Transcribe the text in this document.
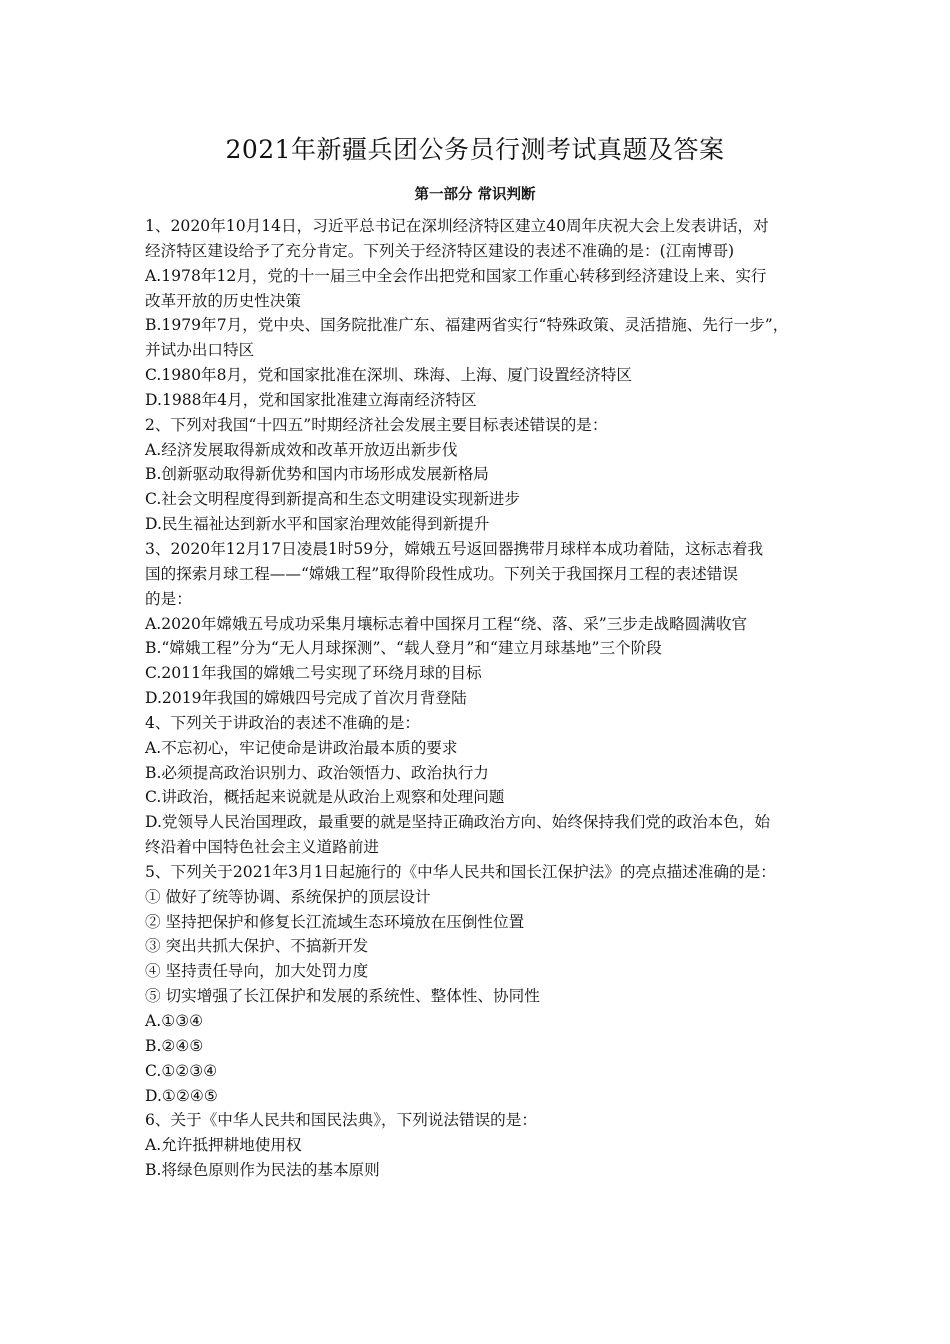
2021年新疆兵团公务员行测考试真题及答案
第一部分 常识判断
1、2020年10月14日，习近平总书记在深圳经济特区建立40周年庆祝大会上发表讲话，对
经济特区建设给予了充分肯定。下列关于经济特区建设的表述不准确的是：(江南博哥)
A.1978年12月，党的十一届三中全会作出把党和国家工作重心转移到经济建设上来、实行
改革开放的历史性决策
B.1979年7月，党中央、国务院批准广东、福建两省实行“特殊政策、灵活措施、先行一步”，
并试办出口特区
C.1980年8月，党和国家批准在深圳、珠海、上海、厦门设置经济特区
D.1988年4月，党和国家批准建立海南经济特区
2、下列对我国“十四五”时期经济社会发展主要目标表述错误的是：
A.经济发展取得新成效和改革开放迈出新步伐
B.创新驱动取得新优势和国内市场形成发展新格局
C.社会文明程度得到新提高和生态文明建设实现新进步
D.民生福祉达到新水平和国家治理效能得到新提升
3、2020年12月17日凌晨1时59分，嫦娥五号返回器携带月球样本成功着陆，这标志着我
国的探索月球工程——“嫦娥工程”取得阶段性成功。下列关于我国探月工程的表述错误
的是：
A.2020年嫦娥五号成功采集月壤标志着中国探月工程“绕、落、采”三步走战略圆满收官
B.“嫦娥工程”分为“无人月球探测”、“载人登月”和“建立月球基地”三个阶段
C.2011年我国的嫦娥二号实现了环绕月球的目标
D.2019年我国的嫦娥四号完成了首次月背登陆
4、下列关于讲政治的表述不准确的是：
A.不忘初心，牢记使命是讲政治最本质的要求
B.必须提高政治识别力、政治领悟力、政治执行力
C.讲政治，概括起来说就是从政治上观察和处理问题
D.党领导人民治国理政，最重要的就是坚持正确政治方向、始终保持我们党的政治本色，始
终沿着中国特色社会主义道路前进
5、下列关于2021年3月1日起施行的《中华人民共和国长江保护法》的亮点描述准确的是：
① 做好了统等协调、系统保护的顶层设计
② 坚持把保护和修复长江流域生态环境放在压倒性位置
③ 突出共抓大保护、不搞新开发
④ 坚持责任导向，加大处罚力度
⑤ 切实增强了长江保护和发展的系统性、整体性、协同性
A.①③④
B.②④⑤
C.①②③④
D.①②④⑤
6、关于《中华人民共和国民法典》，下列说法错误的是：
A.允许抵押耕地使用权
B.将绿色原则作为民法的基本原则
